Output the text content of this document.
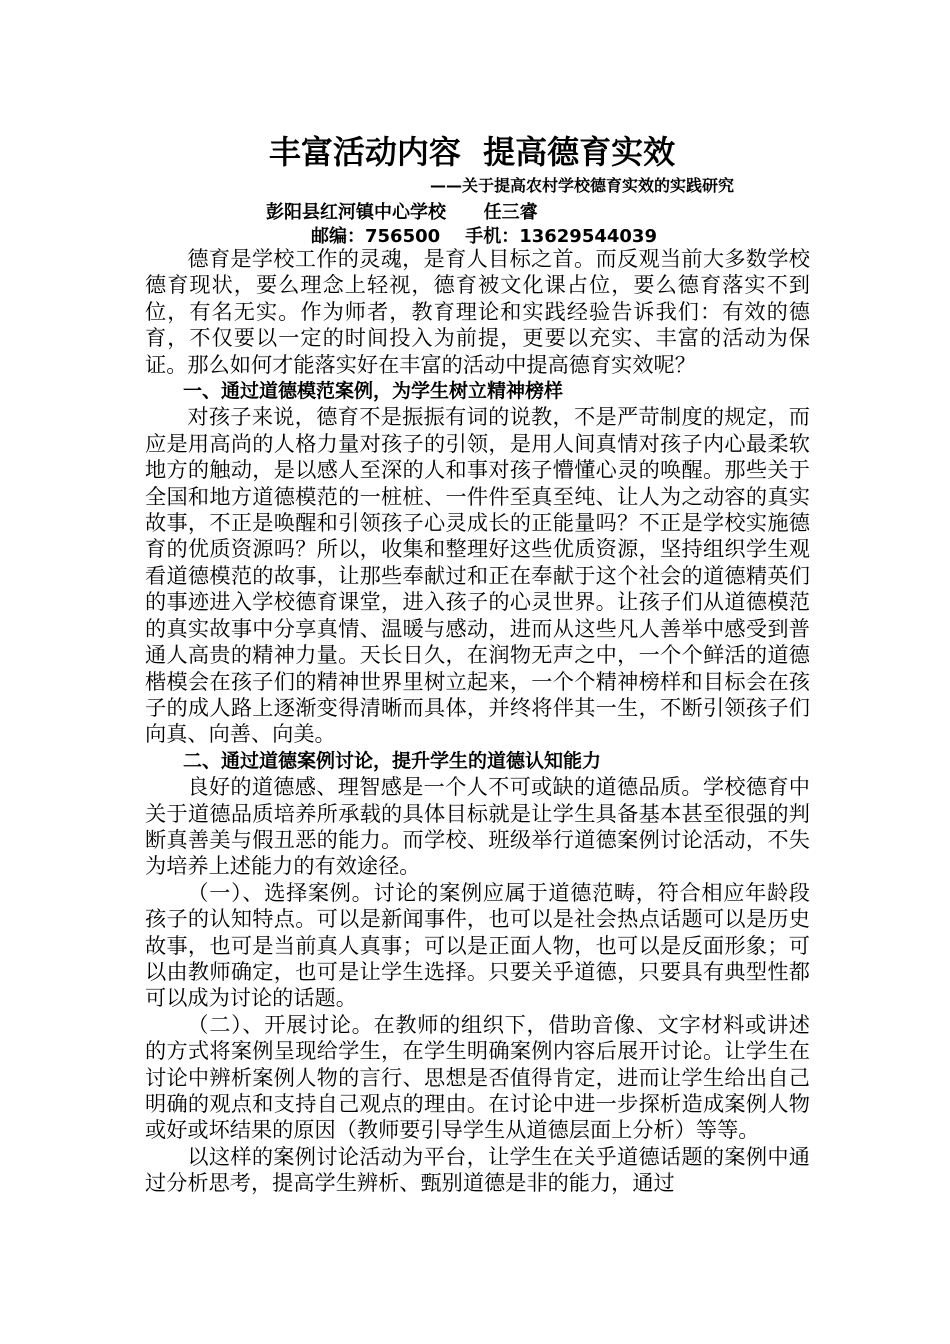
丰富活动内容  提高德育实效
——关于提高农村学校德育实效的实践研究
彭阳县红河镇中心学校      任三睿
邮编：756500    手机：13629544039

德育是学校工作的灵魂，是育人目标之首。而反观当前大多数学校德育现状，要么理念上轻视，德育被文化课占位，要么德育落实不到位，有名无实。作为师者，教育理论和实践经验告诉我们：有效的德育，不仅要以一定的时间投入为前提，更要以充实、丰富的活动为保证。那么如何才能落实好在丰富的活动中提高德育实效呢？

一、通过道德模范案例，为学生树立精神榜样

对孩子来说，德育不是振振有词的说教，不是严苛制度的规定，而应是用高尚的人格力量对孩子的引领，是用人间真情对孩子内心最柔软地方的触动，是以感人至深的人和事对孩子懵懂心灵的唤醒。那些关于全国和地方道德模范的一桩桩、一件件至真至纯、让人为之动容的真实故事，不正是唤醒和引领孩子心灵成长的正能量吗？不正是学校实施德育的优质资源吗？所以，收集和整理好这些优质资源，坚持组织学生观看道德模范的故事，让那些奉献过和正在奉献于这个社会的道德精英们的事迹进入学校德育课堂，进入孩子的心灵世界。让孩子们从道德模范的真实故事中分享真情、温暖与感动，进而从这些凡人善举中感受到普通人高贵的精神力量。天长日久，在润物无声之中，一个个鲜活的道德楷模会在孩子们的精神世界里树立起来，一个个精神榜样和目标会在孩子的成人路上逐渐变得清晰而具体，并终将伴其一生，不断引领孩子们向真、向善、向美。

二、通过道德案例讨论，提升学生的道德认知能力

良好的道德感、理智感是一个人不可或缺的道德品质。学校德育中关于道德品质培养所承载的具体目标就是让学生具备基本甚至很强的判断真善美与假丑恶的能力。而学校、班级举行道德案例讨论活动，不失为培养上述能力的有效途径。

（一）、选择案例。讨论的案例应属于道德范畴，符合相应年龄段孩子的认知特点。可以是新闻事件，也可以是社会热点话题可以是历史故事，也可是当前真人真事；可以是正面人物，也可以是反面形象；可以由教师确定，也可是让学生选择。只要关乎道德，只要具有典型性都可以成为讨论的话题。

（二）、开展讨论。在教师的组织下，借助音像、文字材料或讲述的方式将案例呈现给学生，在学生明确案例内容后展开讨论。让学生在讨论中辨析案例人物的言行、思想是否值得肯定，进而让学生给出自己明确的观点和支持自己观点的理由。在讨论中进一步探析造成案例人物或好或坏结果的原因（教师要引导学生从道德层面上分析）等等。

以这样的案例讨论活动为平台，让学生在关乎道德话题的案例中通过分析思考，提高学生辨析、甄别道德是非的能力，通过
